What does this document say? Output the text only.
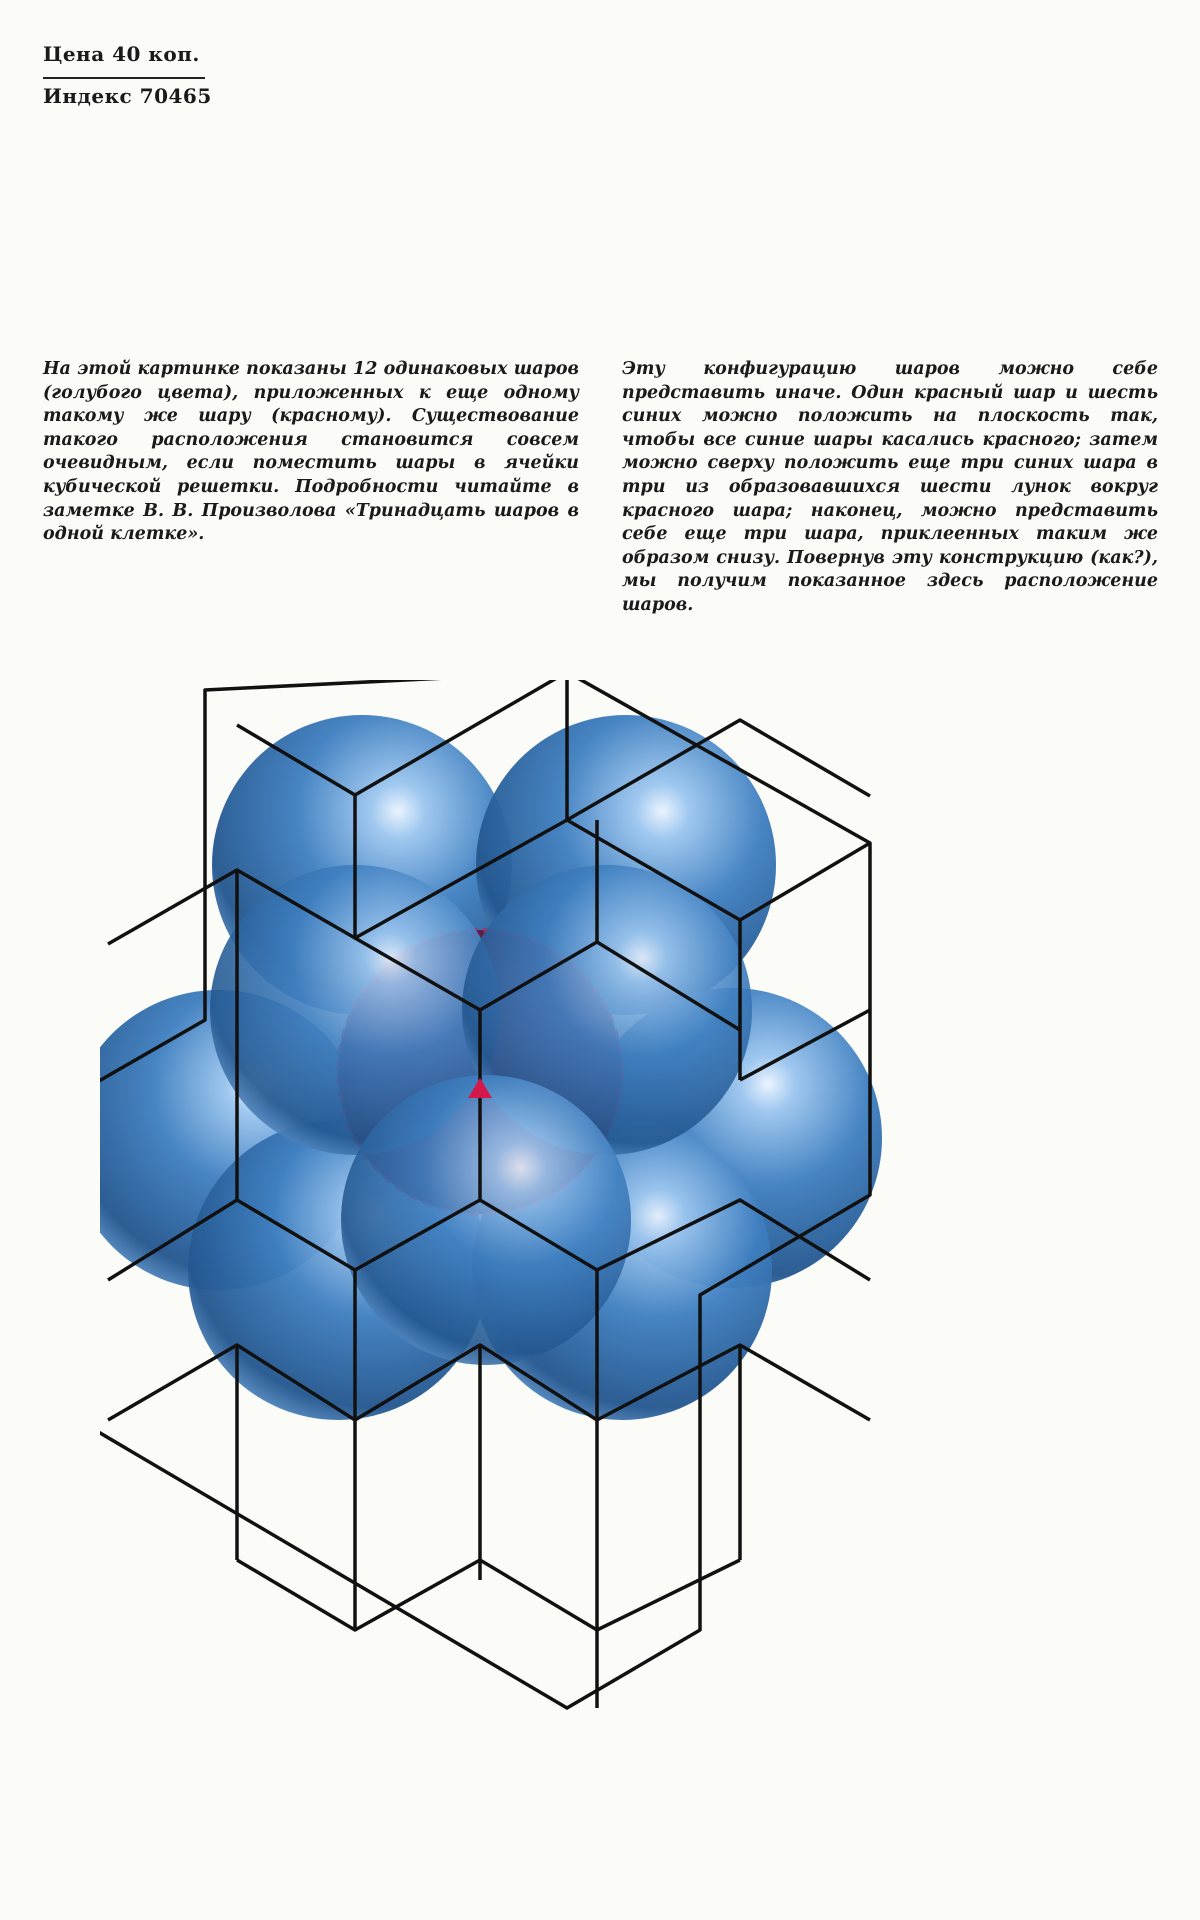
Цена 40 коп.
Индекс 70465
На этой картинке показаны 12 одинаковых шаров (голубого цвета), приложенных к еще одному такому же шару (красному). Существование такого расположения становится совсем очевидным, если поместить шары в ячейки кубической решетки. Подробности читайте в заметке В. В. Произволова «Тринадцать шаров в одной клетке».
Эту конфигурацию шаров можно себе представить иначе. Один красный шар и шесть синих можно положить на плоскость так, чтобы все синие шары касались красного; затем можно сверху положить еще три синих шара в три из образовавшихся шести лунок вокруг красного шара; наконец, можно представить себе еще три шара, приклеенных таким же образом снизу. Повернув эту конструкцию (как?), мы получим показанное здесь расположение шаров.
